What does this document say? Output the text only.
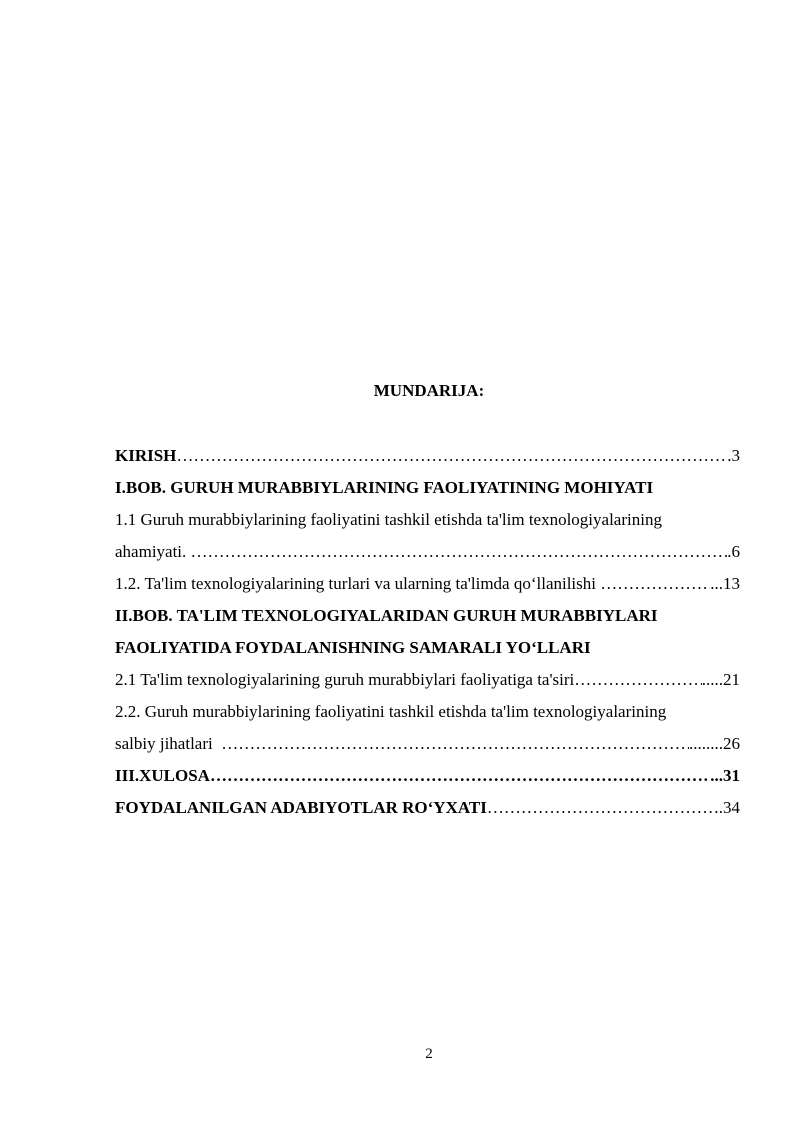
MUNDARIJA:
KIRISH …………………………………………………………………………………………………………………………………………………………	.3
I.BOB. GURUH MURABBIYLARINING FAOLIYATINING MOHIYATI
1.1 Guruh murabbiylarining faoliyatini tashkil etishda ta'lim texnologiyalarining
ahamiyati. …………………………………………………………………………………………………………………………………………………………	.6
1.2. Ta'lim texnologiyalarining turlari va ularning ta'limda qo‘llanilishi …………………………………………………………………………………………………………………………………………………………	...13
II.BOB. TA'LIM TEXNOLOGIYALARIDAN GURUH MURABBIYLARI
FAOLIYATIDA FOYDALANISHNING SAMARALI YO‘LLARI
2.1 Ta'lim texnologiyalarining guruh murabbiylari faoliyatiga ta'siri …………………………………………………………………………………………………………………………………………………………	.....21
2.2. Guruh murabbiylarining faoliyatini tashkil etishda ta'lim texnologiyalarining
salbiy jihatlari …………………………………………………………………………………………………………………………………………………………	........26
III.XULOSA …………………………………………………………………………………………………………………………………………………………	...31
FOYDALANILGAN ADABIYOTLAR RO‘YXATI …………………………………………………………………………………………………………………………………………………………	.34
2
